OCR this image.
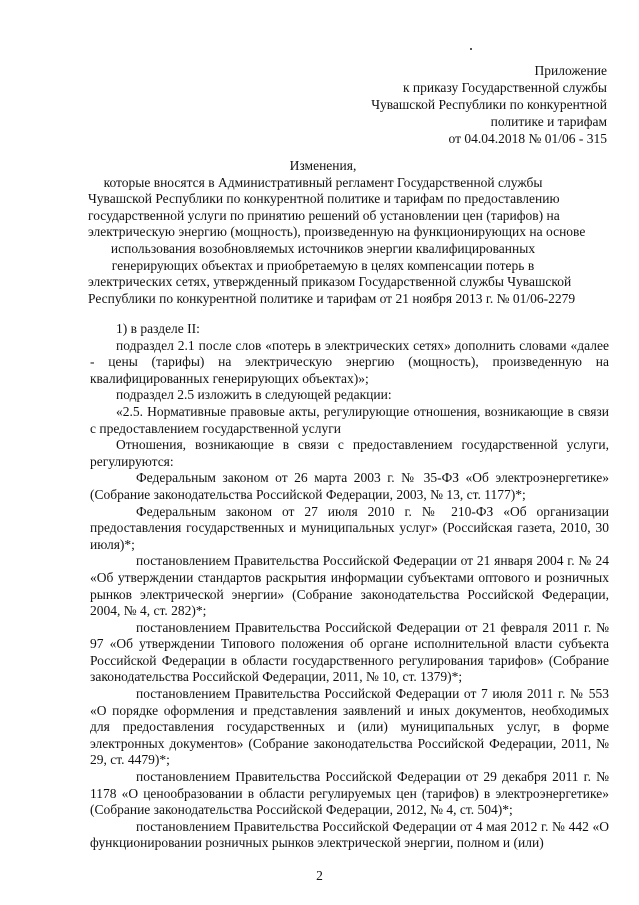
Приложение
к приказу Государственной службы
Чувашской Республики по конкурентной
политике и тарифам
от 04.04.2018 № 01/06 - 315
Изменения,
которые вносятся в Административный регламент Государственной службы
Чувашской Республики по конкурентной политике и тарифам по предоставлению
государственной услуги по принятию решений об установлении цен (тарифов) на
электрическую энергию (мощность), произведенную на функционирующих на основе
использования возобновляемых источников энергии квалифицированных
генерирующих объектах и приобретаемую в целях компенсации потерь в
электрических сетях, утвержденный приказом Государственной службы Чувашской
Республики по конкурентной политике и тарифам от 21 ноября 2013 г. № 01/06-2279

1) в разделе II:

подраздел 2.1 после слов «потерь в электрических сетях» дополнить словами «далее - цены (тарифы) на электрическую энергию (мощность), произведенную на квалифицированных генерирующих объектах)»;

подраздел 2.5 изложить в следующей редакции:

«2.5. Нормативные правовые акты, регулирующие отношения, возникающие в связи с предоставлением государственной услуги

Отношения, возникающие в связи с предоставлением государственной услуги, регулируются:

Федеральным законом от 26 марта 2003 г. № 35-ФЗ «Об электроэнергетике» (Собрание законодательства Российской Федерации, 2003, № 13, ст. 1177)*;

Федеральным законом от 27 июля 2010 г. № 210-ФЗ «Об организации предоставления государственных и муниципальных услуг» (Российская газета, 2010, 30 июля)*;

постановлением Правительства Российской Федерации от 21 января 2004 г. № 24 «Об утверждении стандартов раскрытия информации субъектами оптового и розничных рынков электрической энергии» (Собрание законодательства Российской Федерации, 2004, № 4, ст. 282)*;

постановлением Правительства Российской Федерации от 21 февраля 2011 г. № 97 «Об утверждении Типового положения об органе исполнительной власти субъекта Российской Федерации в области государственного регулирования тарифов» (Собрание законодательства Российской Федерации, 2011, № 10, ст. 1379)*;

постановлением Правительства Российской Федерации от 7 июля 2011 г. № 553 «О порядке оформления и представления заявлений и иных документов, необходимых для предоставления государственных и (или) муниципальных услуг, в форме электронных документов» (Собрание законодательства Российской Федерации, 2011, № 29, ст. 4479)*;

постановлением Правительства Российской Федерации от 29 декабря 2011 г. № 1178 «О ценообразовании в области регулируемых цен (тарифов) в электроэнергетике» (Собрание законодательства Российской Федерации, 2012, № 4, ст. 504)*;

постановлением Правительства Российской Федерации от 4 мая 2012 г. № 442 «О функционировании розничных рынков электрической энергии, полном и (или)

2
